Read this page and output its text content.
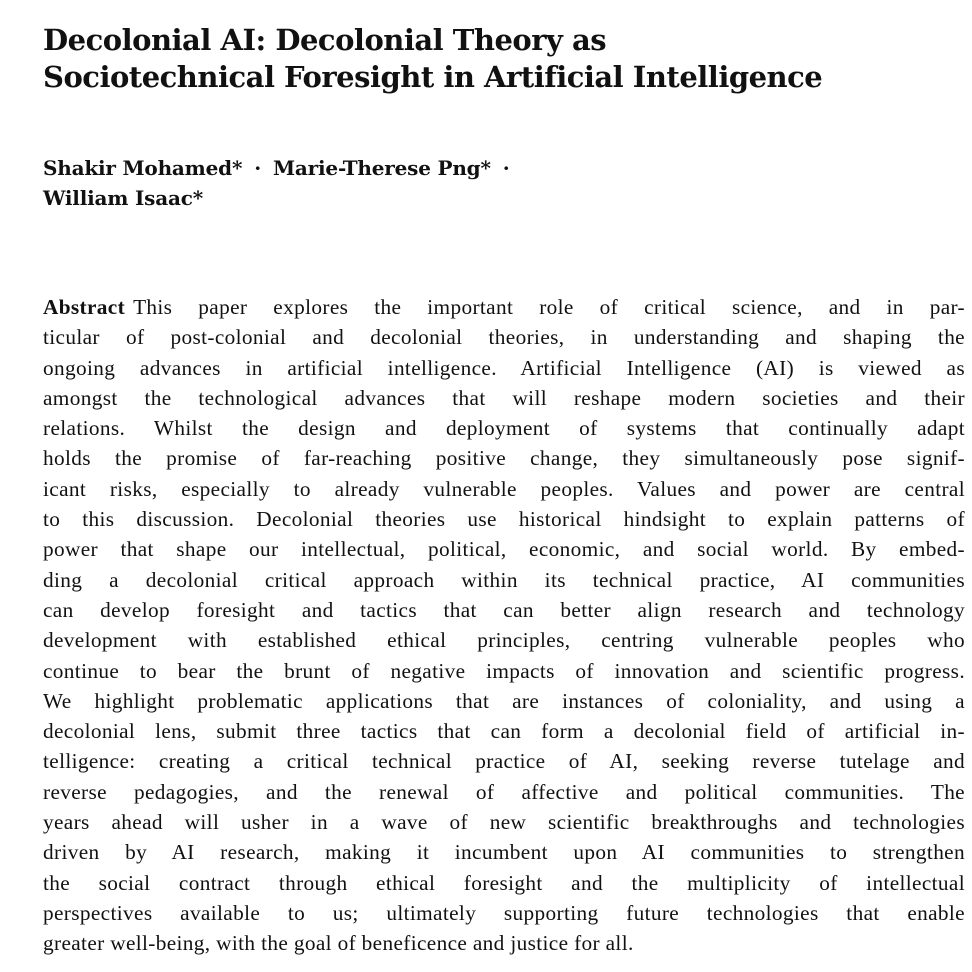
Decolonial AI: Decolonial Theory as
Sociotechnical Foresight in Artificial Intelligence
Shakir Mohamed* · Marie-Therese Png* ·
William Isaac*
Abstract This paper explores the important role of critical science, and in par-
ticular of post-colonial and decolonial theories, in understanding and shaping the
ongoing advances in artificial intelligence. Artificial Intelligence (AI) is viewed as
amongst the technological advances that will reshape modern societies and their
relations. Whilst the design and deployment of systems that continually adapt
holds the promise of far-reaching positive change, they simultaneously pose signif-
icant risks, especially to already vulnerable peoples. Values and power are central
to this discussion. Decolonial theories use historical hindsight to explain patterns of
power that shape our intellectual, political, economic, and social world. By embed-
ding a decolonial critical approach within its technical practice, AI communities
can develop foresight and tactics that can better align research and technology
development with established ethical principles, centring vulnerable peoples who
continue to bear the brunt of negative impacts of innovation and scientific progress.
We highlight problematic applications that are instances of coloniality, and using a
decolonial lens, submit three tactics that can form a decolonial field of artificial in-
telligence: creating a critical technical practice of AI, seeking reverse tutelage and
reverse pedagogies, and the renewal of affective and political communities. The
years ahead will usher in a wave of new scientific breakthroughs and technologies
driven by AI research, making it incumbent upon AI communities to strengthen
the social contract through ethical foresight and the multiplicity of intellectual
perspectives available to us; ultimately supporting future technologies that enable
greater well-being, with the goal of beneficence and justice for all.
